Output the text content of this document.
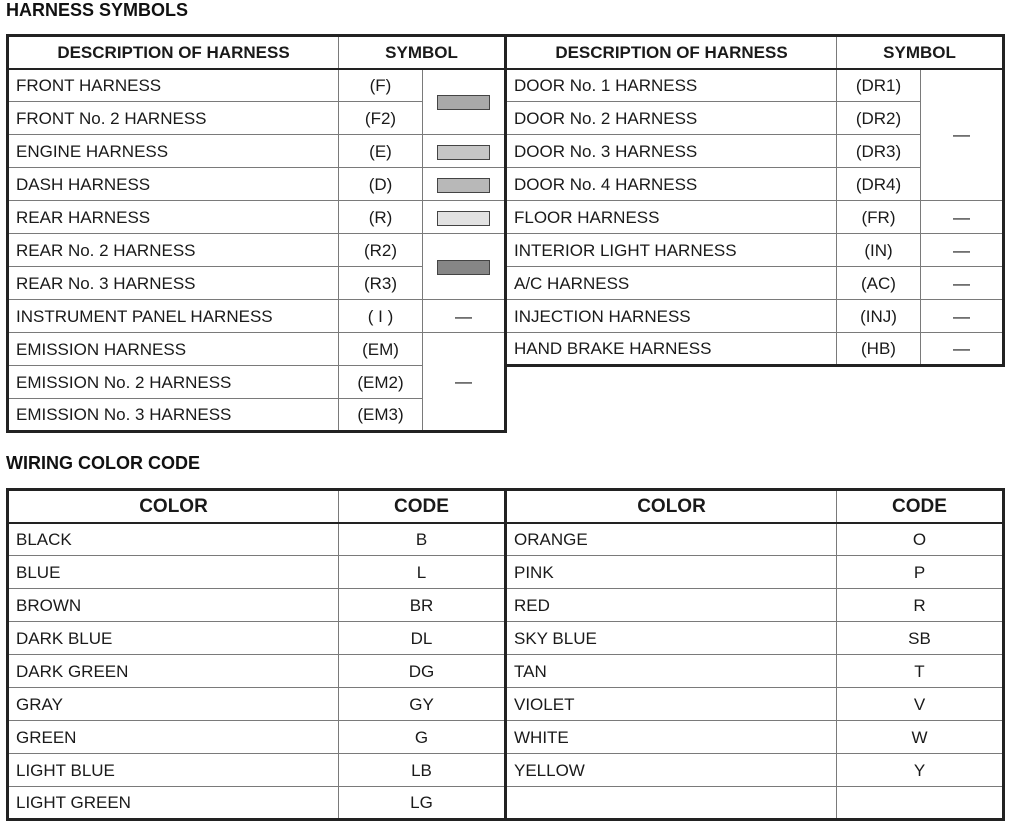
HARNESS SYMBOLS
DESCRIPTION OF HARNESS	SYMBOL	
FRONT HARNESS	(F)	
FRONT No. 2 HARNESS	(F2)	
ENGINE HARNESS	(E)	
DASH HARNESS	(D)	
REAR HARNESS	(R)	
REAR No. 2 HARNESS	(R2)	
REAR No. 3 HARNESS	(R3)	
INSTRUMENT PANEL HARNESS	( I )	—
EMISSION HARNESS	(EM)	—
EMISSION No. 2 HARNESS	(EM2)	
EMISSION No. 3 HARNESS	(EM3)	
DESCRIPTION OF HARNESS	SYMBOL	
DOOR No. 1 HARNESS	(DR1)	—
DOOR No. 2 HARNESS	(DR2)	
DOOR No. 3 HARNESS	(DR3)	
DOOR No. 4 HARNESS	(DR4)	
FLOOR HARNESS	(FR)	—
INTERIOR LIGHT HARNESS	(IN)	—
A/C HARNESS	(AC)	—
INJECTION HARNESS	(INJ)	—
HAND BRAKE HARNESS	(HB)	—
WIRING COLOR CODE
COLOR	CODE
BLACK	B
BLUE	L
BROWN	BR
DARK BLUE	DL
DARK GREEN	DG
GRAY	GY
GREEN	G
LIGHT BLUE	LB
LIGHT GREEN	LG
COLOR	CODE
ORANGE	O
PINK	P
RED	R
SKY BLUE	SB
TAN	T
VIOLET	V
WHITE	W
YELLOW	Y
